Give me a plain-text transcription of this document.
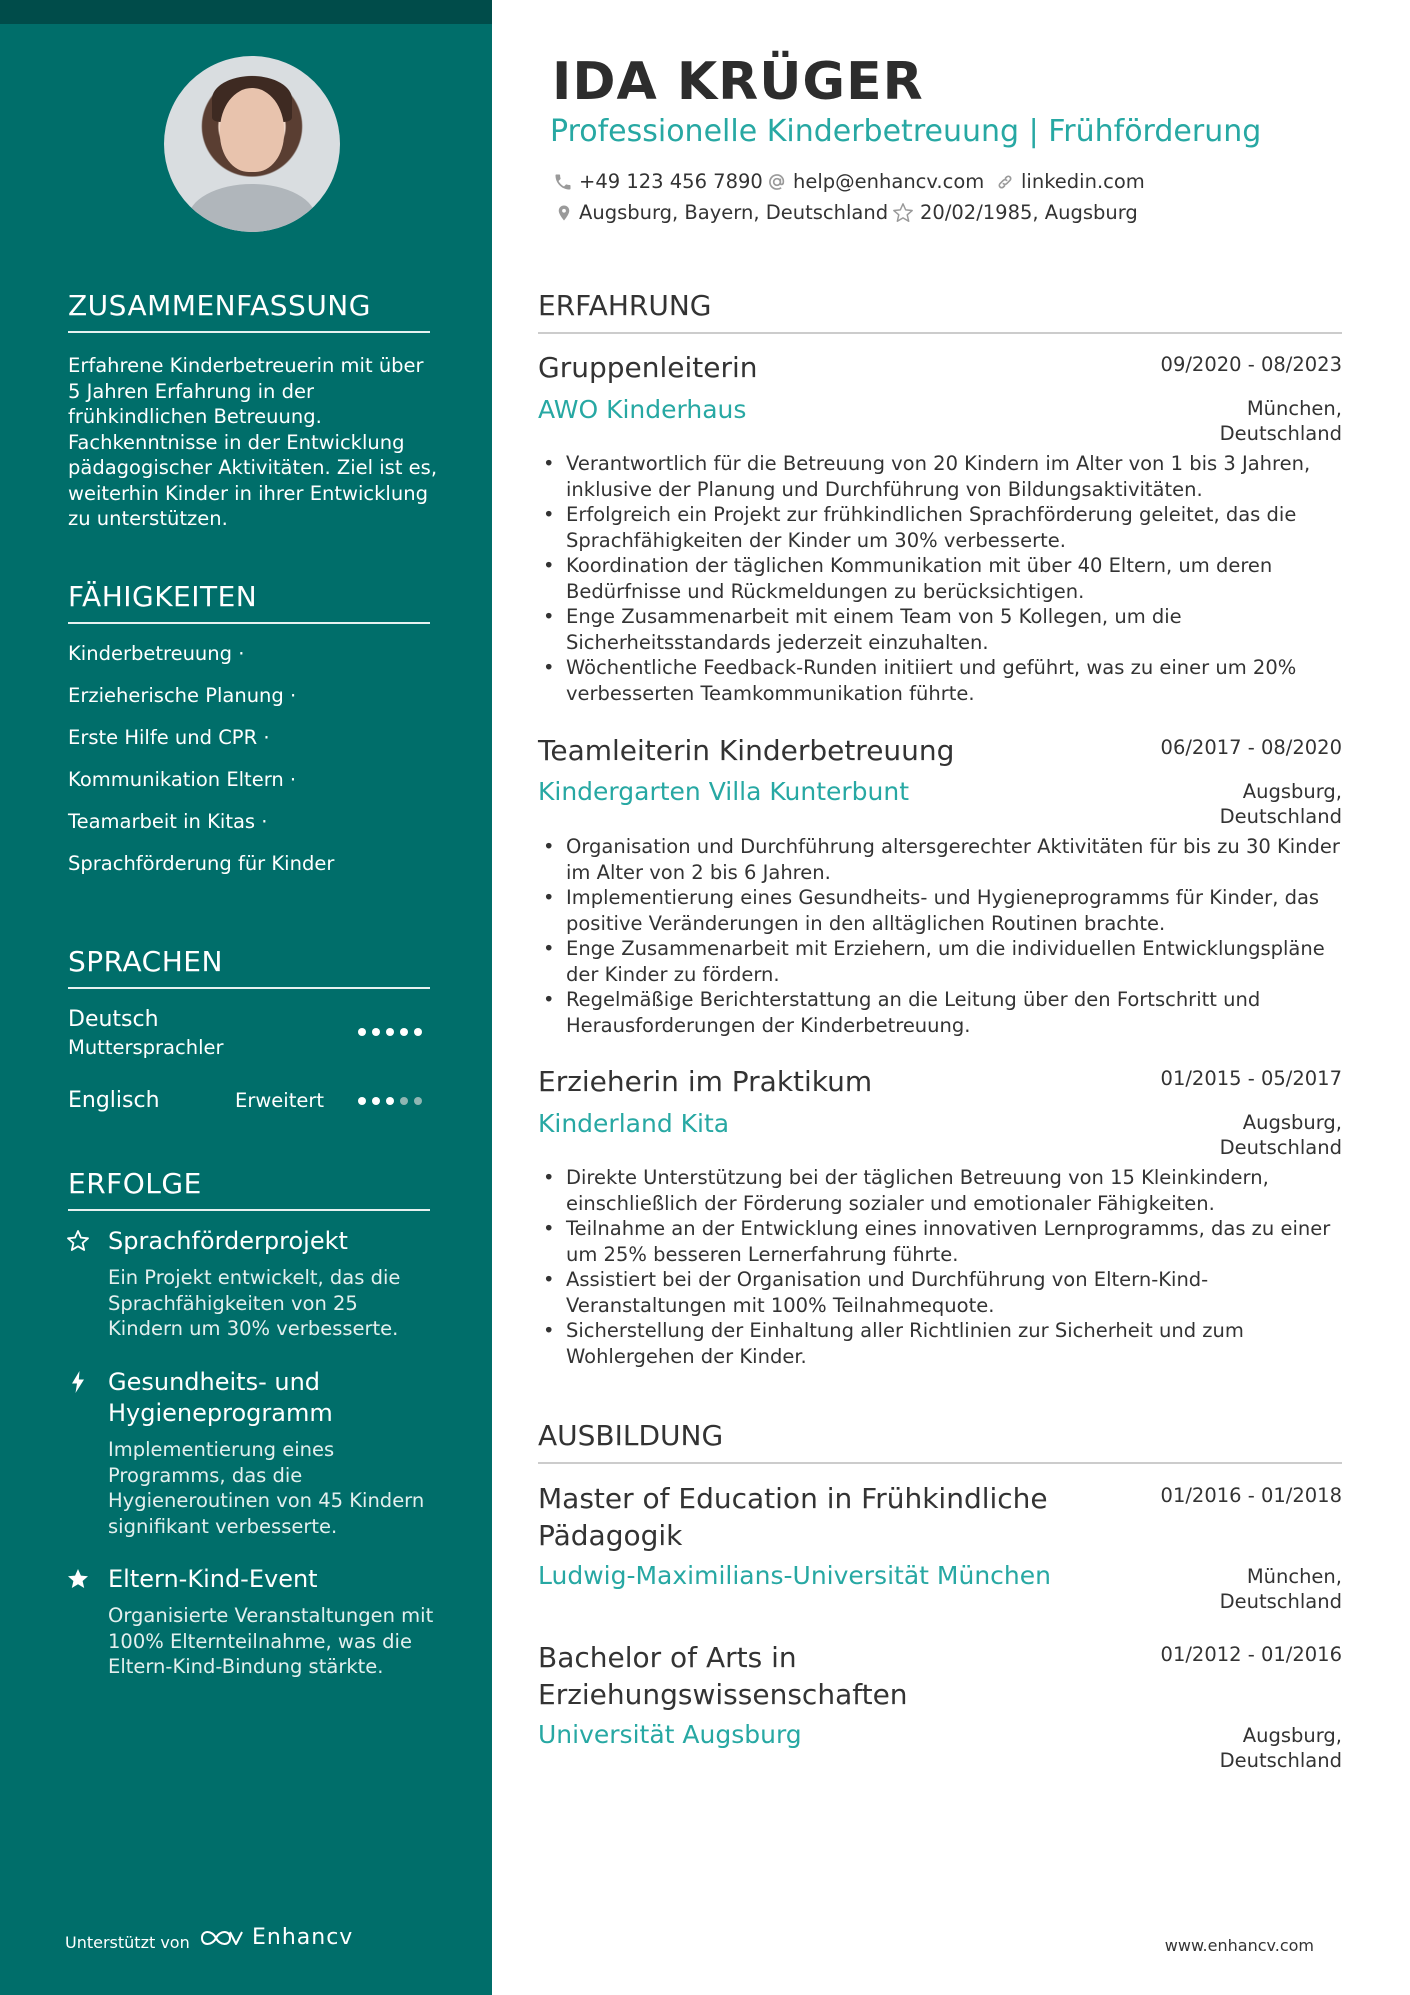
ZUSAMMENFASSUNG
Erfahrene Kinderbetreuerin mit über 5 Jahren Erfahrung in der frühkindlichen Betreuung. Fachkenntnisse in der Entwicklung pädagogischer Aktivitäten. Ziel ist es, weiterhin Kinder in ihrer Entwicklung zu unterstützen.
FÄHIGKEITEN
Kinderbetreuung ·
Erzieherische Planung ·
Erste Hilfe und CPR ·
Kommunikation Eltern ·
Teamarbeit in Kitas ·
Sprachförderung für Kinder
SPRACHEN
Deutsch
Muttersprachler
Englisch	Erweitert
ERFOLGE
Sprachförderprojekt
Ein Projekt entwickelt, das die Sprachfähigkeiten von 25 Kindern um 30% verbesserte.
Gesundheits- und Hygieneprogramm
Implementierung eines Programms, das die Hygieneroutinen von 45 Kindern signifikant verbesserte.
Eltern-Kind-Event
Organisierte Veranstaltungen mit 100% Elternteilnahme, was die Eltern-Kind-Bindung stärkte.
Unterstützt von	Enhancv
IDA KRÜGER
Professionelle Kinderbetreuung | Frühförderung
+49 123 456 7890 help@enhancv.com linkedin.com
Augsburg, Bayern, Deutschland 20/02/1985, Augsburg
ERFAHRUNG
Gruppenleiterin	09/2020 - 08/2023
AWO Kinderhaus	München, Deutschland
• Verantwortlich für die Betreuung von 20 Kindern im Alter von 1 bis 3 Jahren, inklusive der Planung und Durchführung von Bildungsaktivitäten.
• Erfolgreich ein Projekt zur frühkindlichen Sprachförderung geleitet, das die Sprachfähigkeiten der Kinder um 30% verbesserte.
• Koordination der täglichen Kommunikation mit über 40 Eltern, um deren Bedürfnisse und Rückmeldungen zu berücksichtigen.
• Enge Zusammenarbeit mit einem Team von 5 Kollegen, um die Sicherheitsstandards jederzeit einzuhalten.
• Wöchentliche Feedback-Runden initiiert und geführt, was zu einer um 20% verbesserten Teamkommunikation führte.
Teamleiterin Kinderbetreuung	06/2017 - 08/2020
Kindergarten Villa Kunterbunt	Augsburg, Deutschland
• Organisation und Durchführung altersgerechter Aktivitäten für bis zu 30 Kinder im Alter von 2 bis 6 Jahren.
• Implementierung eines Gesundheits- und Hygieneprogramms für Kinder, das positive Veränderungen in den alltäglichen Routinen brachte.
• Enge Zusammenarbeit mit Erziehern, um die individuellen Entwicklungspläne der Kinder zu fördern.
• Regelmäßige Berichterstattung an die Leitung über den Fortschritt und Herausforderungen der Kinderbetreuung.
Erzieherin im Praktikum	01/2015 - 05/2017
Kinderland Kita	Augsburg, Deutschland
• Direkte Unterstützung bei der täglichen Betreuung von 15 Kleinkindern, einschließlich der Förderung sozialer und emotionaler Fähigkeiten.
• Teilnahme an der Entwicklung eines innovativen Lernprogramms, das zu einer um 25% besseren Lernerfahrung führte.
• Assistiert bei der Organisation und Durchführung von Eltern-Kind-Veranstaltungen mit 100% Teilnahmequote.
• Sicherstellung der Einhaltung aller Richtlinien zur Sicherheit und zum Wohlergehen der Kinder.
AUSBILDUNG
Master of Education in Frühkindliche Pädagogik
01/2016 - 01/2018
Ludwig-Maximilians-Universität München	München, Deutschland
Bachelor of Arts in Erziehungswissenschaften
01/2012 - 01/2016
Universität Augsburg	Augsburg, Deutschland
www.enhancv.com
